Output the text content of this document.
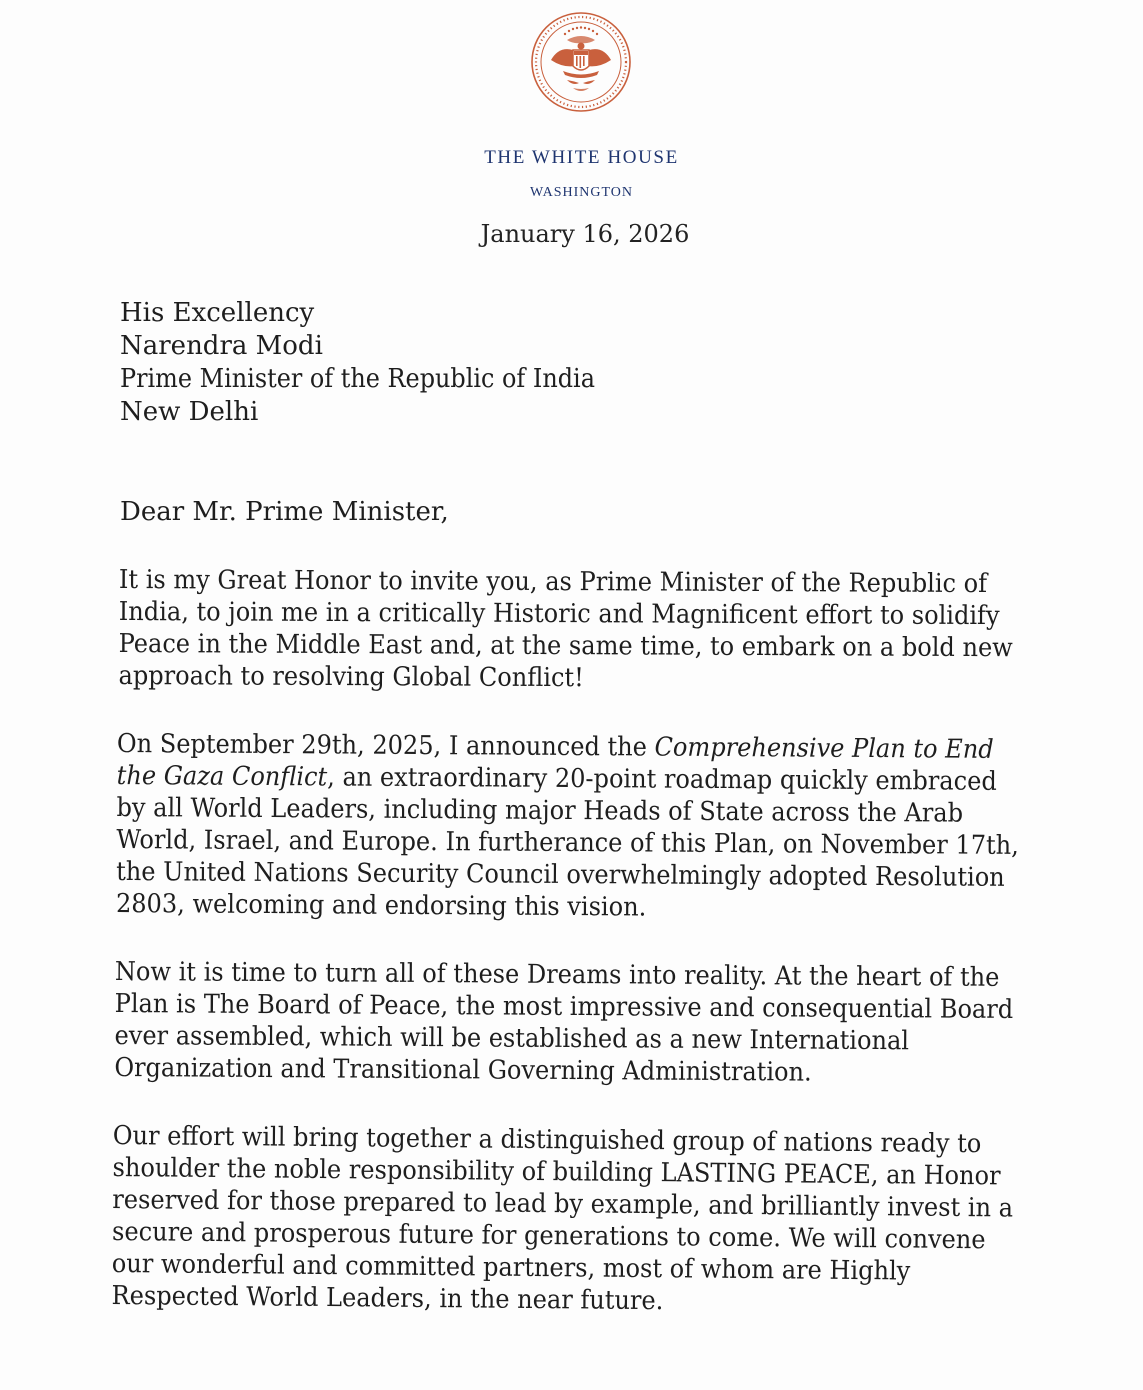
THE WHITE HOUSE
WASHINGTON
January 16, 2026
His Excellency
Narendra Modi
Prime Minister of the Republic of India
New Delhi
Dear Mr. Prime Minister,
It is my Great Honor to invite you, as Prime Minister of the Republic of
India, to join me in a critically Historic and Magnificent effort to solidify
Peace in the Middle East and, at the same time, to embark on a bold new
approach to resolving Global Conflict!
On September 29th, 2025, I announced the Comprehensive Plan to End
the Gaza Conflict, an extraordinary 20-point roadmap quickly embraced
by all World Leaders, including major Heads of State across the Arab
World, Israel, and Europe. In furtherance of this Plan, on November 17th,
the United Nations Security Council overwhelmingly adopted Resolution
2803, welcoming and endorsing this vision.
Now it is time to turn all of these Dreams into reality. At the heart of the
Plan is The Board of Peace, the most impressive and consequential Board
ever assembled, which will be established as a new International
Organization and Transitional Governing Administration.
Our effort will bring together a distinguished group of nations ready to
shoulder the noble responsibility of building LASTING PEACE, an Honor
reserved for those prepared to lead by example, and brilliantly invest in a
secure and prosperous future for generations to come. We will convene
our wonderful and committed partners, most of whom are Highly
Respected World Leaders, in the near future.
